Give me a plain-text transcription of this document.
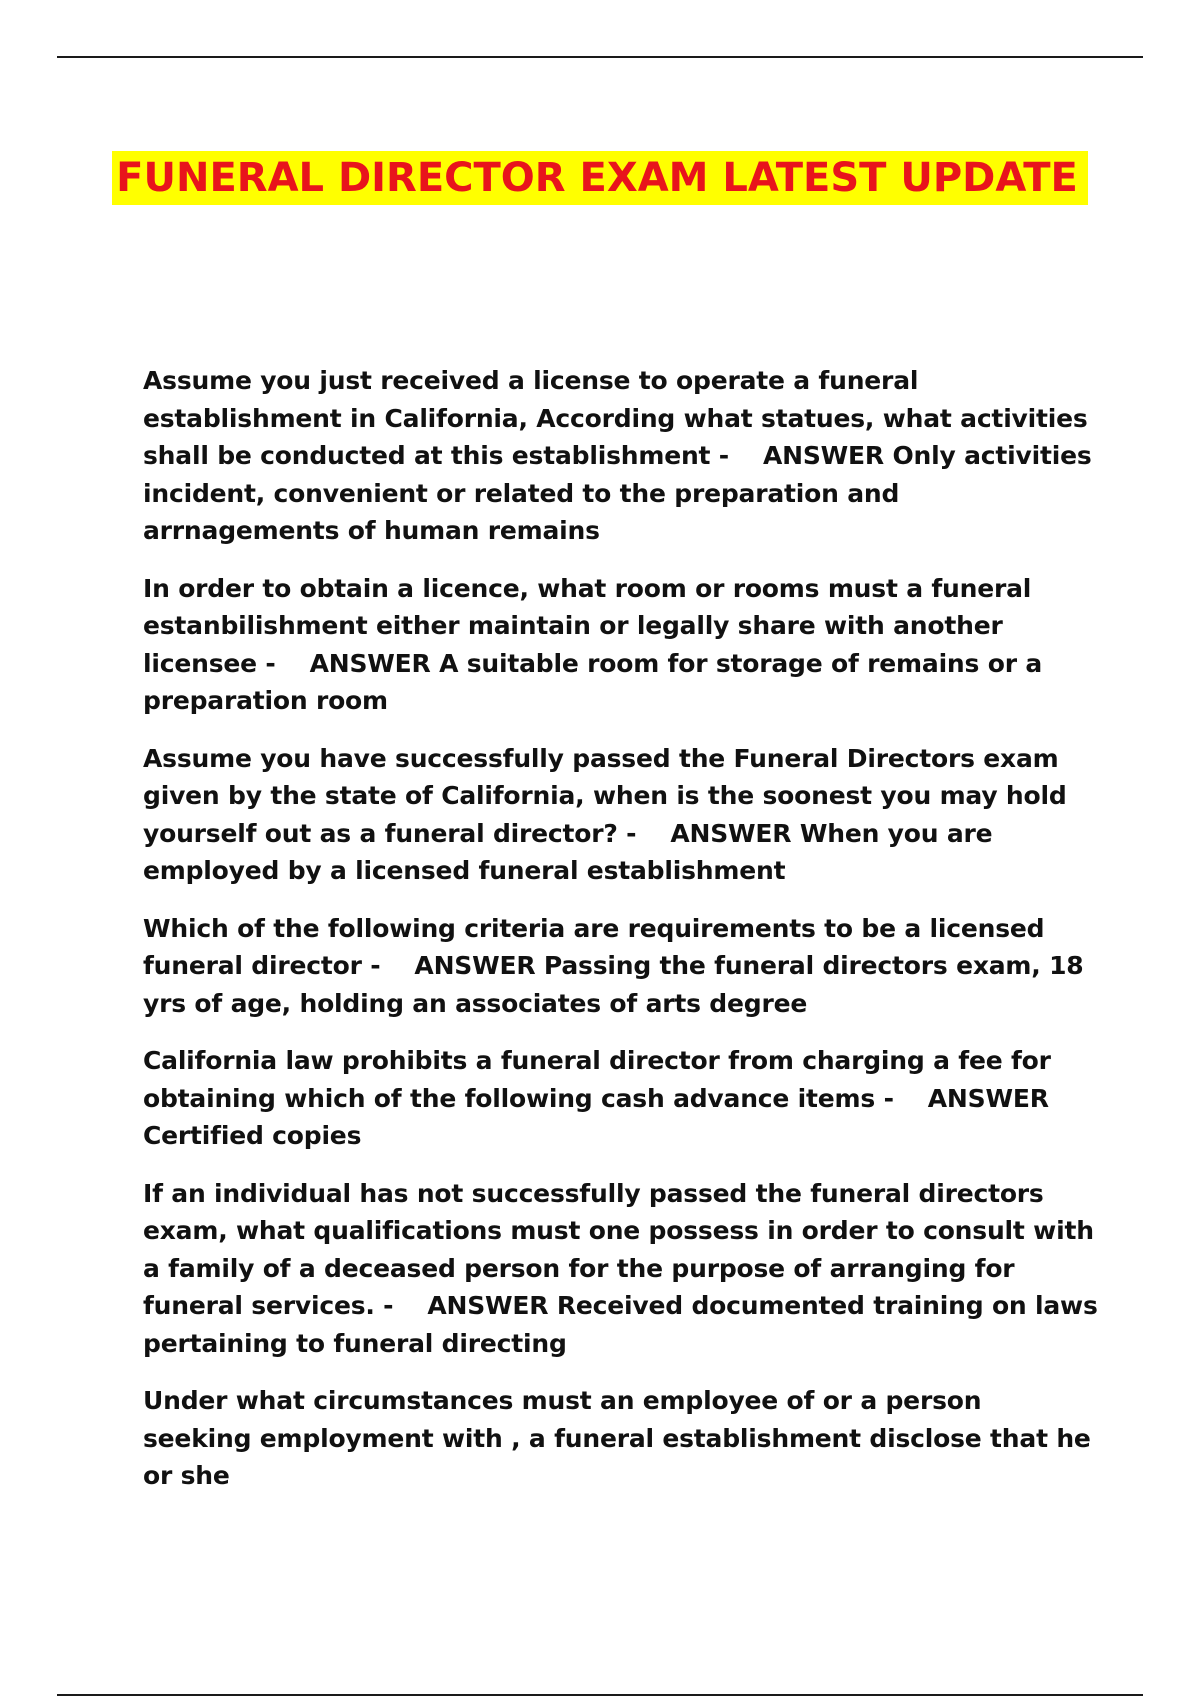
FUNERAL DIRECTOR EXAM LATEST UPDATE

Assume you just received a license to operate a funeral establishment in California, According what statues, what activities shall be conducted at this establishment -    ANSWER Only activities incident, convenient or related to the preparation and arrnagements of human remains

In order to obtain a licence, what room or rooms must a funeral estanbilishment either maintain or legally share with another licensee -    ANSWER A suitable room for storage of remains or a preparation room

Assume you have successfully passed the Funeral Directors exam given by the state of California, when is the soonest you may hold yourself out as a funeral director? -    ANSWER When you are employed by a licensed funeral establishment

Which of the following criteria are requirements to be a licensed funeral director -    ANSWER Passing the funeral directors exam, 18 yrs of age, holding an associates of arts degree

California law prohibits a funeral director from charging a fee for obtaining which of the following cash advance items -    ANSWER Certified copies

If an individual has not successfully passed the funeral directors exam, what qualifications must one possess in order to consult with a family of a deceased person for the purpose of arranging for funeral services. -    ANSWER Received documented training on laws pertaining to funeral directing

Under what circumstances must an employee of or a person seeking employment with , a funeral establishment disclose that he or she
